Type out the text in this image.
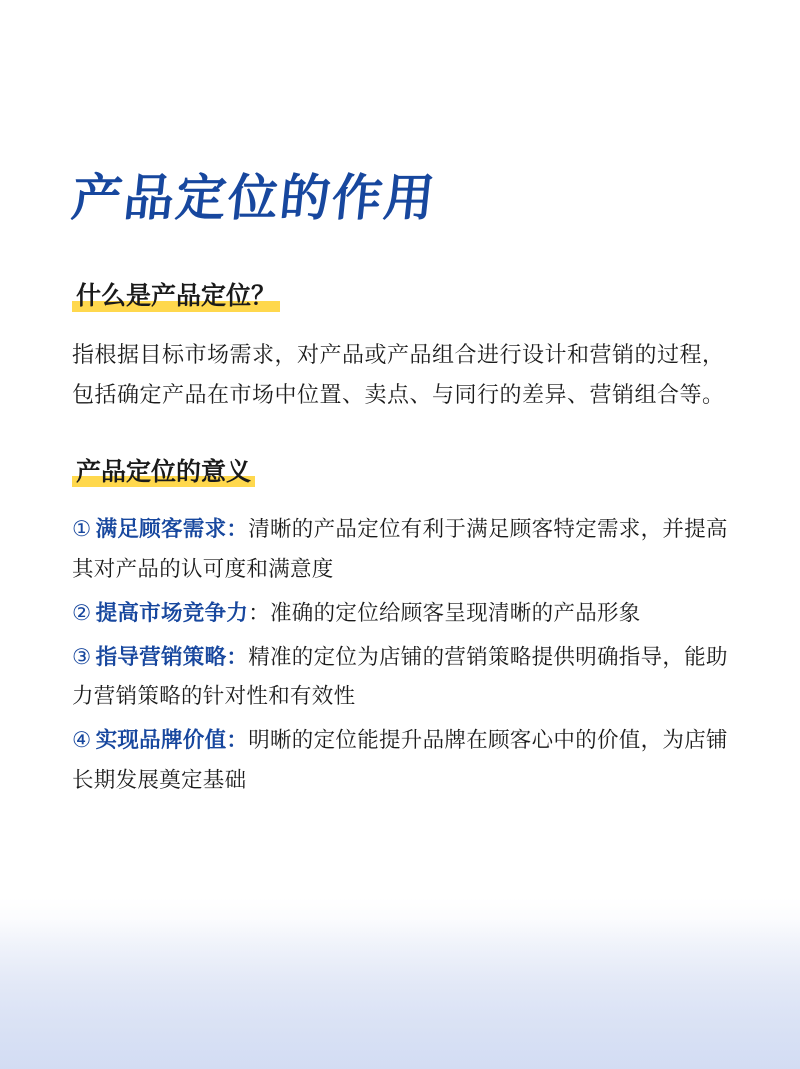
产品定位的作用
什么是产品定位？

指根据目标市场需求，对产品或产品组合进行设计和营销的过程，包括确定产品在市场中位置、卖点、与同行的差异、营销组合等。

产品定位的意义
① 满足顾客需求：清晰的产品定位有利于满足顾客特定需求，并提高其对产品的认可度和满意度
② 提高市场竞争力：准确的定位给顾客呈现清晰的产品形象
③ 指导营销策略：精准的定位为店铺的营销策略提供明确指导，能助力营销策略的针对性和有效性
④ 实现品牌价值：明晰的定位能提升品牌在顾客心中的价值，为店铺长期发展奠定基础
